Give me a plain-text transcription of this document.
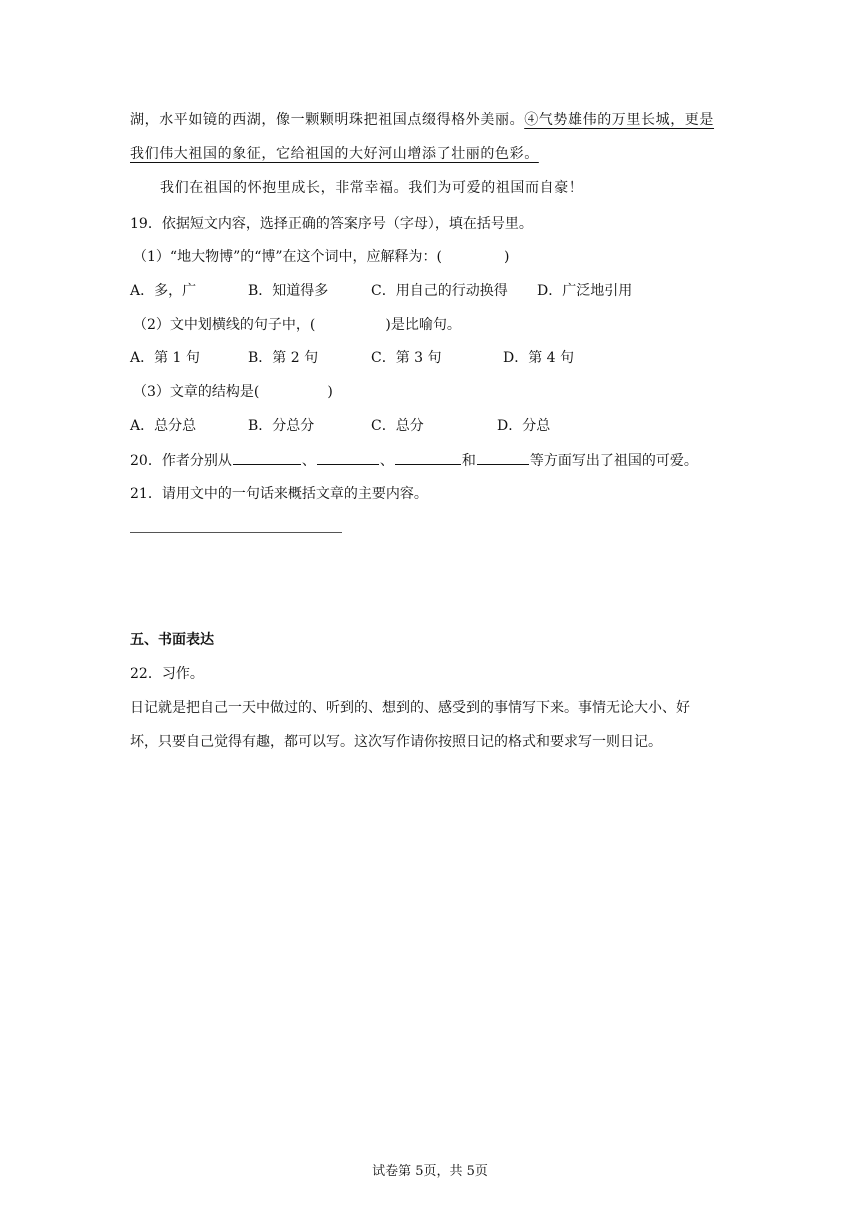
湖，水平如镜的西湖，像一颗颗明珠把祖国点缀得格外美丽。④气势雄伟的万里长城，更是
我们伟大祖国的象征，它给祖国的大好河山增添了壮丽的色彩。
我们在祖国的怀抱里成长，非常幸福。我们为可爱的祖国而自豪！
19．依据短文内容，选择正确的答案序号（字母），填在括号里。
（1）“地大物博”的“博”在这个词中，应解释为：(	)
A．多，广	B．知道得多	C．用自己的行动换得 D．广泛地引用
（2）文中划横线的句子中，(	)是比喻句。
A．第 1 句	B．第 2 句	C．第 3 句	D．第 4 句
（3）文章的结构是(	)
A．总分总	B．分总分	C．总分	D．分总
20．作者分别从	、	、	和	等方面写出了祖国的可爱。
21．请用文中的一句话来概括文章的主要内容。
五、书面表达
22．习作。
日记就是把自己一天中做过的、听到的、想到的、感受到的事情写下来。事情无论大小、好
坏，只要自己觉得有趣，都可以写。这次写作请你按照日记的格式和要求写一则日记。
试卷第 5页，共 5页
